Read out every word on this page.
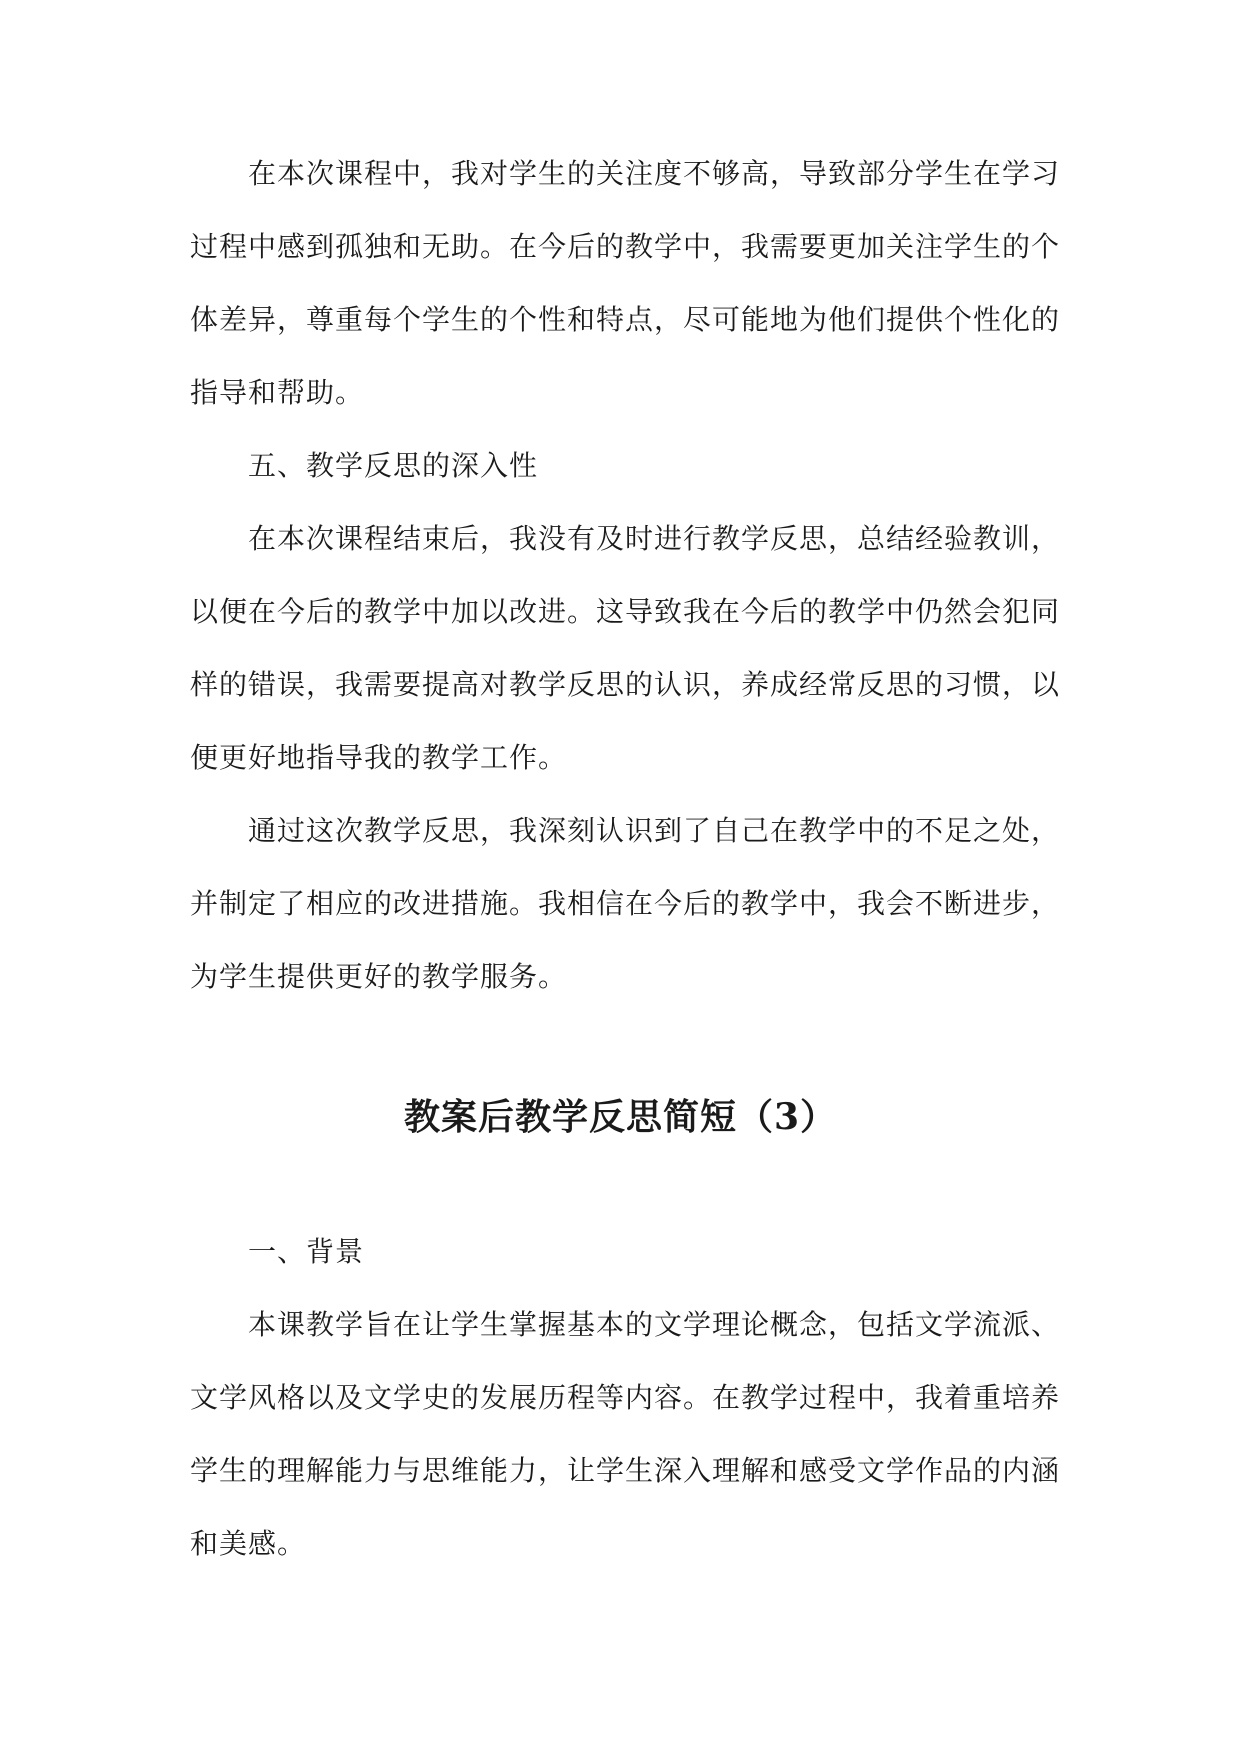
在本次课程中，我对学生的关注度不够高，导致部分学生在学习过程中感到孤独和无助。在今后的教学中，我需要更加关注学生的个体差异，尊重每个学生的个性和特点，尽可能地为他们提供个性化的指导和帮助。

五、教学反思的深入性

在本次课程结束后，我没有及时进行教学反思，总结经验教训，以便在今后的教学中加以改进。这导致我在今后的教学中仍然会犯同样的错误，我需要提高对教学反思的认识，养成经常反思的习惯，以便更好地指导我的教学工作。

通过这次教学反思，我深刻认识到了自己在教学中的不足之处，并制定了相应的改进措施。我相信在今后的教学中，我会不断进步，为学生提供更好的教学服务。

教案后教学反思简短（3）

一、背景

本课教学旨在让学生掌握基本的文学理论概念，包括文学流派、文学风格以及文学史的发展历程等内容。在教学过程中，我着重培养学生的理解能力与思维能力，让学生深入理解和感受文学作品的内涵和美感。
